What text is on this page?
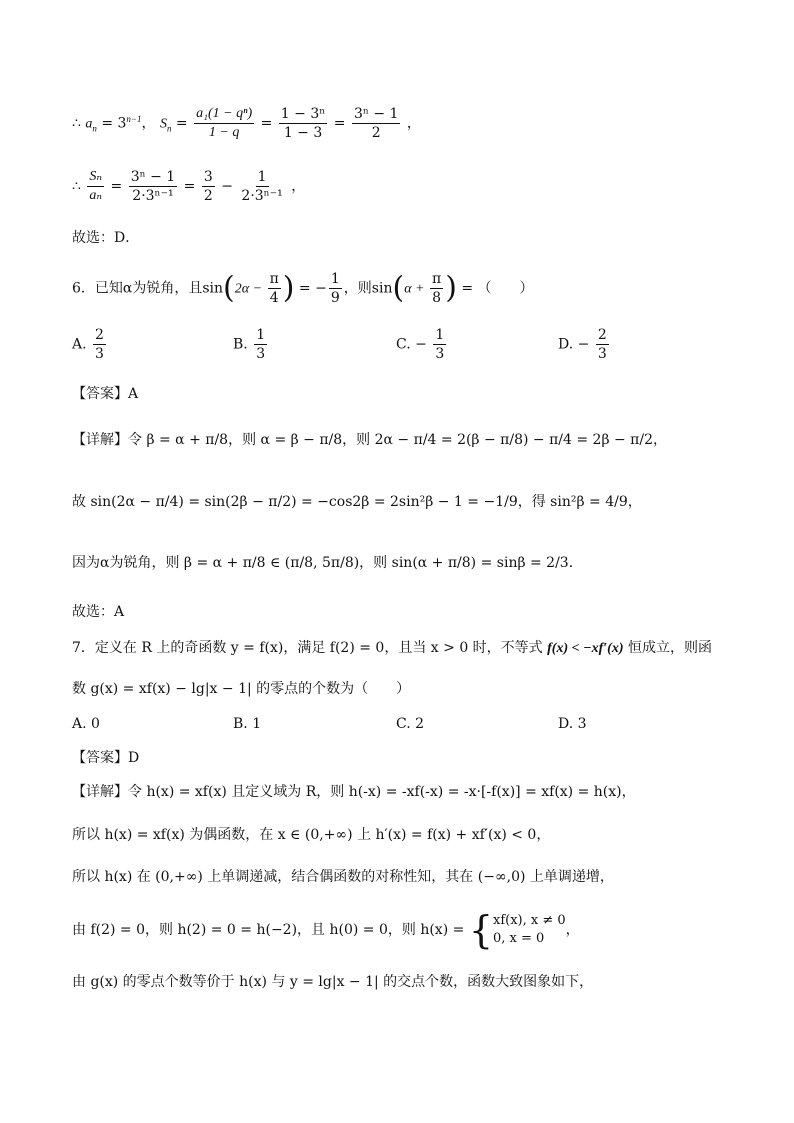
∴ $a_n = 3^{n-1}$， $S_n = \frac{\text{a₁(1 − qⁿ)}}{1 - q} = \frac{\text{1 − 3ⁿ}}{1 - 3} = \frac{\text{3ⁿ − 1}}{2}$ ，
∴ $\frac{\text{Sₙ}}{\text{aₙ}} = \frac{\text{3ⁿ − 1}}{\text{2·3ⁿ⁻¹}} = \frac{3}{2} - \frac{1}{\text{2·3ⁿ⁻¹}}$ ，
故选：D．
6．已知α为锐角，且$\sin(2\alpha - \frac{\pi}{4}$ ) = − $\frac{1}{9}$ ，则$\sin(\alpha + \frac{\pi}{8}$ ) = （　　）
A. $\frac{2}{3}$	B. $\frac{1}{3}$	C. − $\frac{1}{3}$	D. − $\frac{2}{3}$
【答案】A
【详解】令 β = α + π/8，则 α = β − π/8，则 2α − π/4 = 2(β − π/8) − π/4 = 2β − π/2，
故 sin(2α − π/4) = sin(2β − π/2) = −cos2β = 2sin²β − 1 = −1/9，得 sin²β = 4/9，
因为α为锐角，则 β = α + π/8 ∈ (π/8, 5π/8)，则 sin(α + π/8) = sinβ = 2/3．
故选：A
7．定义在 R 上的奇函数 y = f(x)，满足 f(2) = 0，且当 x > 0 时，不等式 f(x) < −xf′(x) 恒成立，则函
数 g(x) = xf(x) − lg|x − 1| 的零点的个数为（　　）
A. 0	B. 1	C. 2	D. 3
【答案】D
【详解】令 h(x) = xf(x) 且定义域为 R，则 h(-x) = -xf(-x) = -x·[-f(x)] = xf(x) = h(x)，
所以 h(x) = xf(x) 为偶函数，在 x ∈ (0,+∞) 上 h′(x) = f(x) + xf′(x) < 0，
所以 h(x) 在 (0,+∞) 上单调递减，结合偶函数的对称性知，其在 (−∞,0) 上单调递增，
由 f(2) = 0，则 h(2) = 0 = h(−2)，且 h(0) = 0，则 h(x) = { xf(x), x ≠ 0
0, x = 0
，
由 g(x) 的零点个数等价于 h(x) 与 y = lg|x − 1| 的交点个数，函数大致图象如下，
